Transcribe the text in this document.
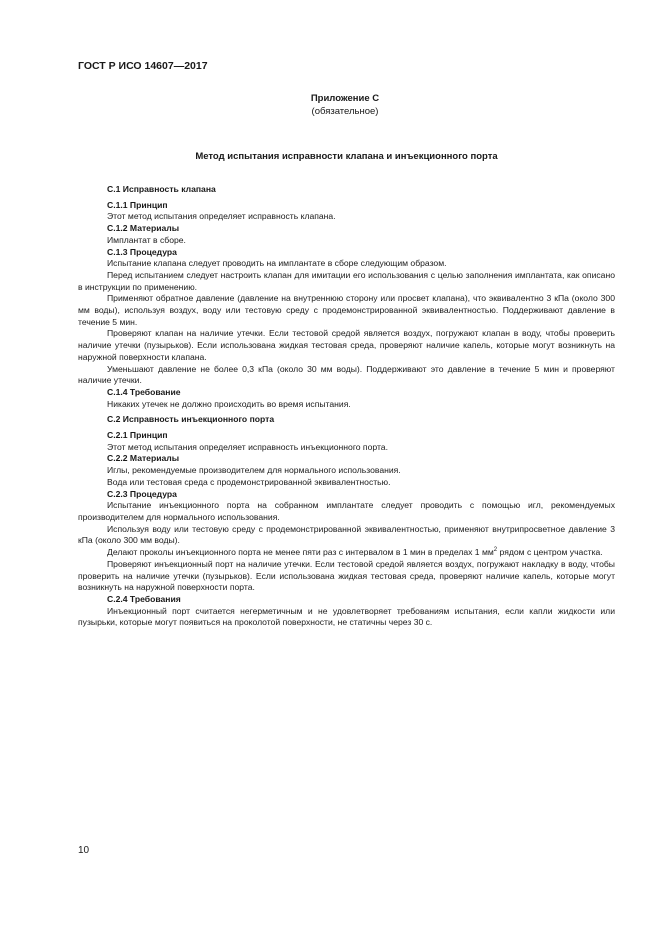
ГОСТ Р ИСО 14607—2017
Приложение С
(обязательное)
Метод испытания исправности клапана и инъекционного порта

С.1 Исправность клапана

С.1.1 Принцип

Этот метод испытания определяет исправность клапана.

С.1.2 Материалы

Имплантат в сборе.

С.1.3 Процедура

Испытание клапана следует проводить на имплантате в сборе следующим образом.

Перед испытанием следует настроить клапан для имитации его использования с целью заполнения имплантата, как описано в инструкции по применению.

Применяют обратное давление (давление на внутреннюю сторону или просвет клапана), что эквивалентно 3 кПа (около 300 мм воды), используя воздух, воду или тестовую среду с продемонстрированной эквивалентностью. Поддерживают давление в течение 5 мин.

Проверяют клапан на наличие утечки. Если тестовой средой является воздух, погружают клапан в воду, чтобы проверить наличие утечки (пузырьков). Если использована жидкая тестовая среда, проверяют наличие капель, которые могут возникнуть на наружной поверхности клапана.

Уменьшают давление не более 0,3 кПа (около 30 мм воды). Поддерживают это давление в течение 5 мин и проверяют наличие утечки.

С.1.4 Требование

Никаких утечек не должно происходить во время испытания.

С.2 Исправность инъекционного порта

С.2.1 Принцип

Этот метод испытания определяет исправность инъекционного порта.

С.2.2 Материалы

Иглы, рекомендуемые производителем для нормального использования.

Вода или тестовая среда с продемонстрированной эквивалентностью.

С.2.3 Процедура

Испытание инъекционного порта на собранном имплантате следует проводить с помощью игл, рекомендуемых производителем для нормального использования.

Используя воду или тестовую среду с продемонстрированной эквивалентностью, применяют внутрипросветное давление 3 кПа (около 300 мм воды).

Делают проколы инъекционного порта не менее пяти раз с интервалом в 1 мин в пределах 1 $мм^2$ рядом с центром участка.

Проверяют инъекционный порт на наличие утечки. Если тестовой средой является воздух, погружают накладку в воду, чтобы проверить на наличие утечки (пузырьков). Если использована жидкая тестовая среда, проверяют наличие капель, которые могут возникнуть на наружной поверхности порта.

С.2.4 Требования

Инъекционный порт считается негерметичным и не удовлетворяет требованиям испытания, если капли жидкости или пузырьки, которые могут появиться на проколотой поверхности, не статичны через 30 с.

10
